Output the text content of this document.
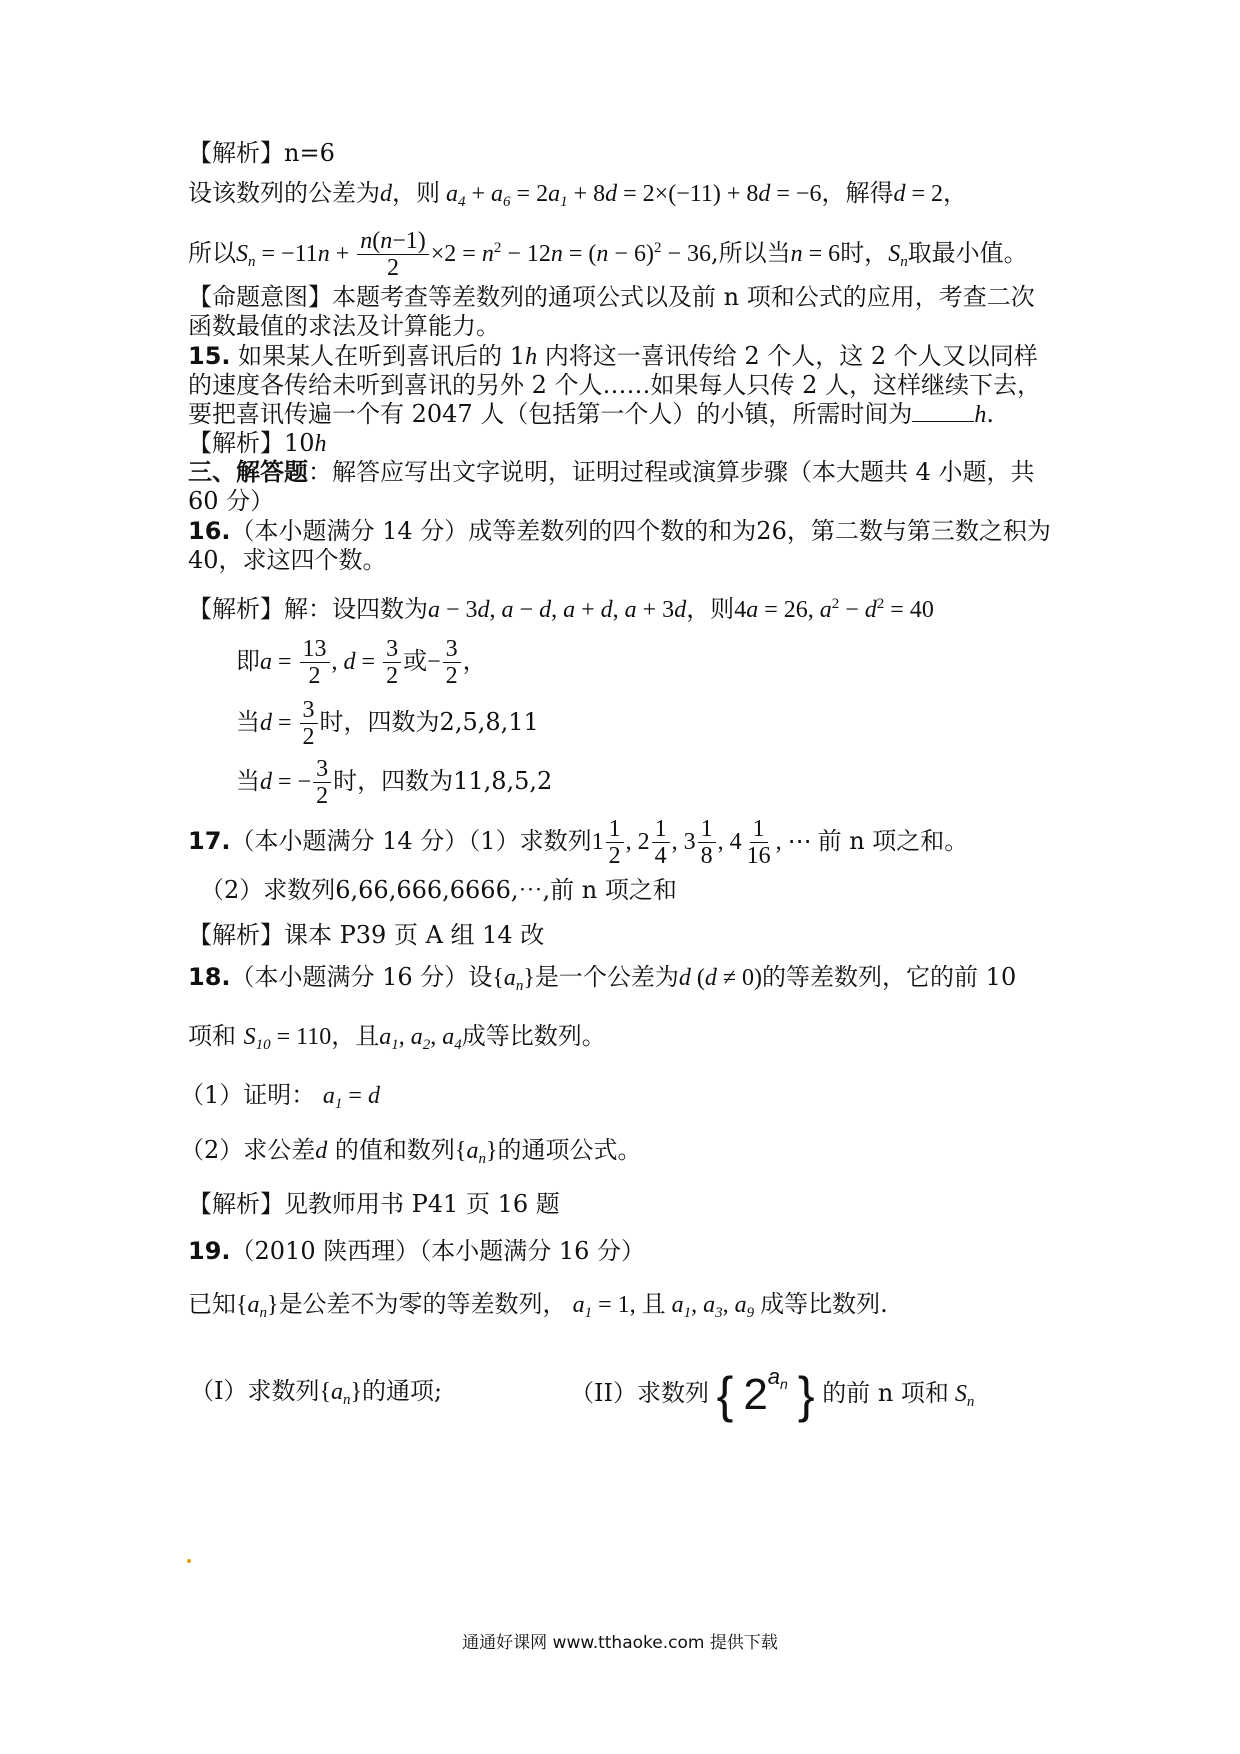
【解析】n=6
设该数列的公差为d，则 $a_4 + a_6 = 2a_1 + 8d = 2\times(-11) + 8d = -6$，解得d = 2，
所以$S_n = -11n + \frac{n(n-1)}{2} \times 2 = n^2 - 12n = (n - 6)^2 - 36$,所以当n = 6时，$S_n$取最小值。
【命题意图】本题考查等差数列的通项公式以及前 n 项和公式的应用，考查二次
函数最值的求法及计算能力。
15. 如果某人在听到喜讯后的 1h 内将这一喜讯传给 2 个人，这 2 个人又以同样
的速度各传给未听到喜讯的另外 2 个人……如果每人只传 2 人，这样继续下去，
要把喜讯传遍一个有 2047 人（包括第一个人）的小镇，所需时间为	h.
【解析】10h
三、解答题：解答应写出文字说明，证明过程或演算步骤（本大题共 4 小题，共
60 分）
16.（本小题满分 14 分）成等差数列的四个数的和为26，第二数与第三数之积为
40，求这四个数。
【解析】解：设四数为a − 3d, a − d, a + d, a + 3d，则4a = 26, $a^2 - d^2 = 40$
即$a = \frac{13}{2}$ , $d = \frac{3}{2}$ 或− $\frac{3}{2}$ ，
当$d = \frac{3}{2}$ 时，四数为2,5,8,11
当d = − $\frac{3}{2}$ 时，四数为11,8,5,2
17.（本小题满分 14 分）（1）求数列$1 \frac{1}{2}$ , $2 \frac{1}{4}$ , $3 \frac{1}{8}$ , $4 \frac{1}{16}$ , ⋯ 前 n 项之和。
（2）求数列6,66,666,6666,⋯,前 n 项之和
【解析】课本 P39 页 A 组 14 改
18.（本小题满分 16 分）设$\{a_n\}$是一个公差为d (d ≠ 0)的等差数列，它的前 10
项和 $S_{10} = 110$，且$a_1$, $a_2$, $a_4$成等比数列。
（1）证明： $a_1 = d$
（2）求公差d 的值和数列$\{a_n\}$的通项公式。
【解析】见教师用书 P41 页 16 题
19.（2010 陕西理）（本小题满分 16 分）
已知$\{a_n\}$是公差不为零的等差数列， $a_1 = 1$, 且 $a_1$, $a_3$, $a_9$ 成等比数列.
（I）求数列$\{a_n\}$的通项;	（II）求数列 { 2 $a_n$ } 的前 n 项和 $S_n$
通通好课网 www.tthaoke.com 提供下载
